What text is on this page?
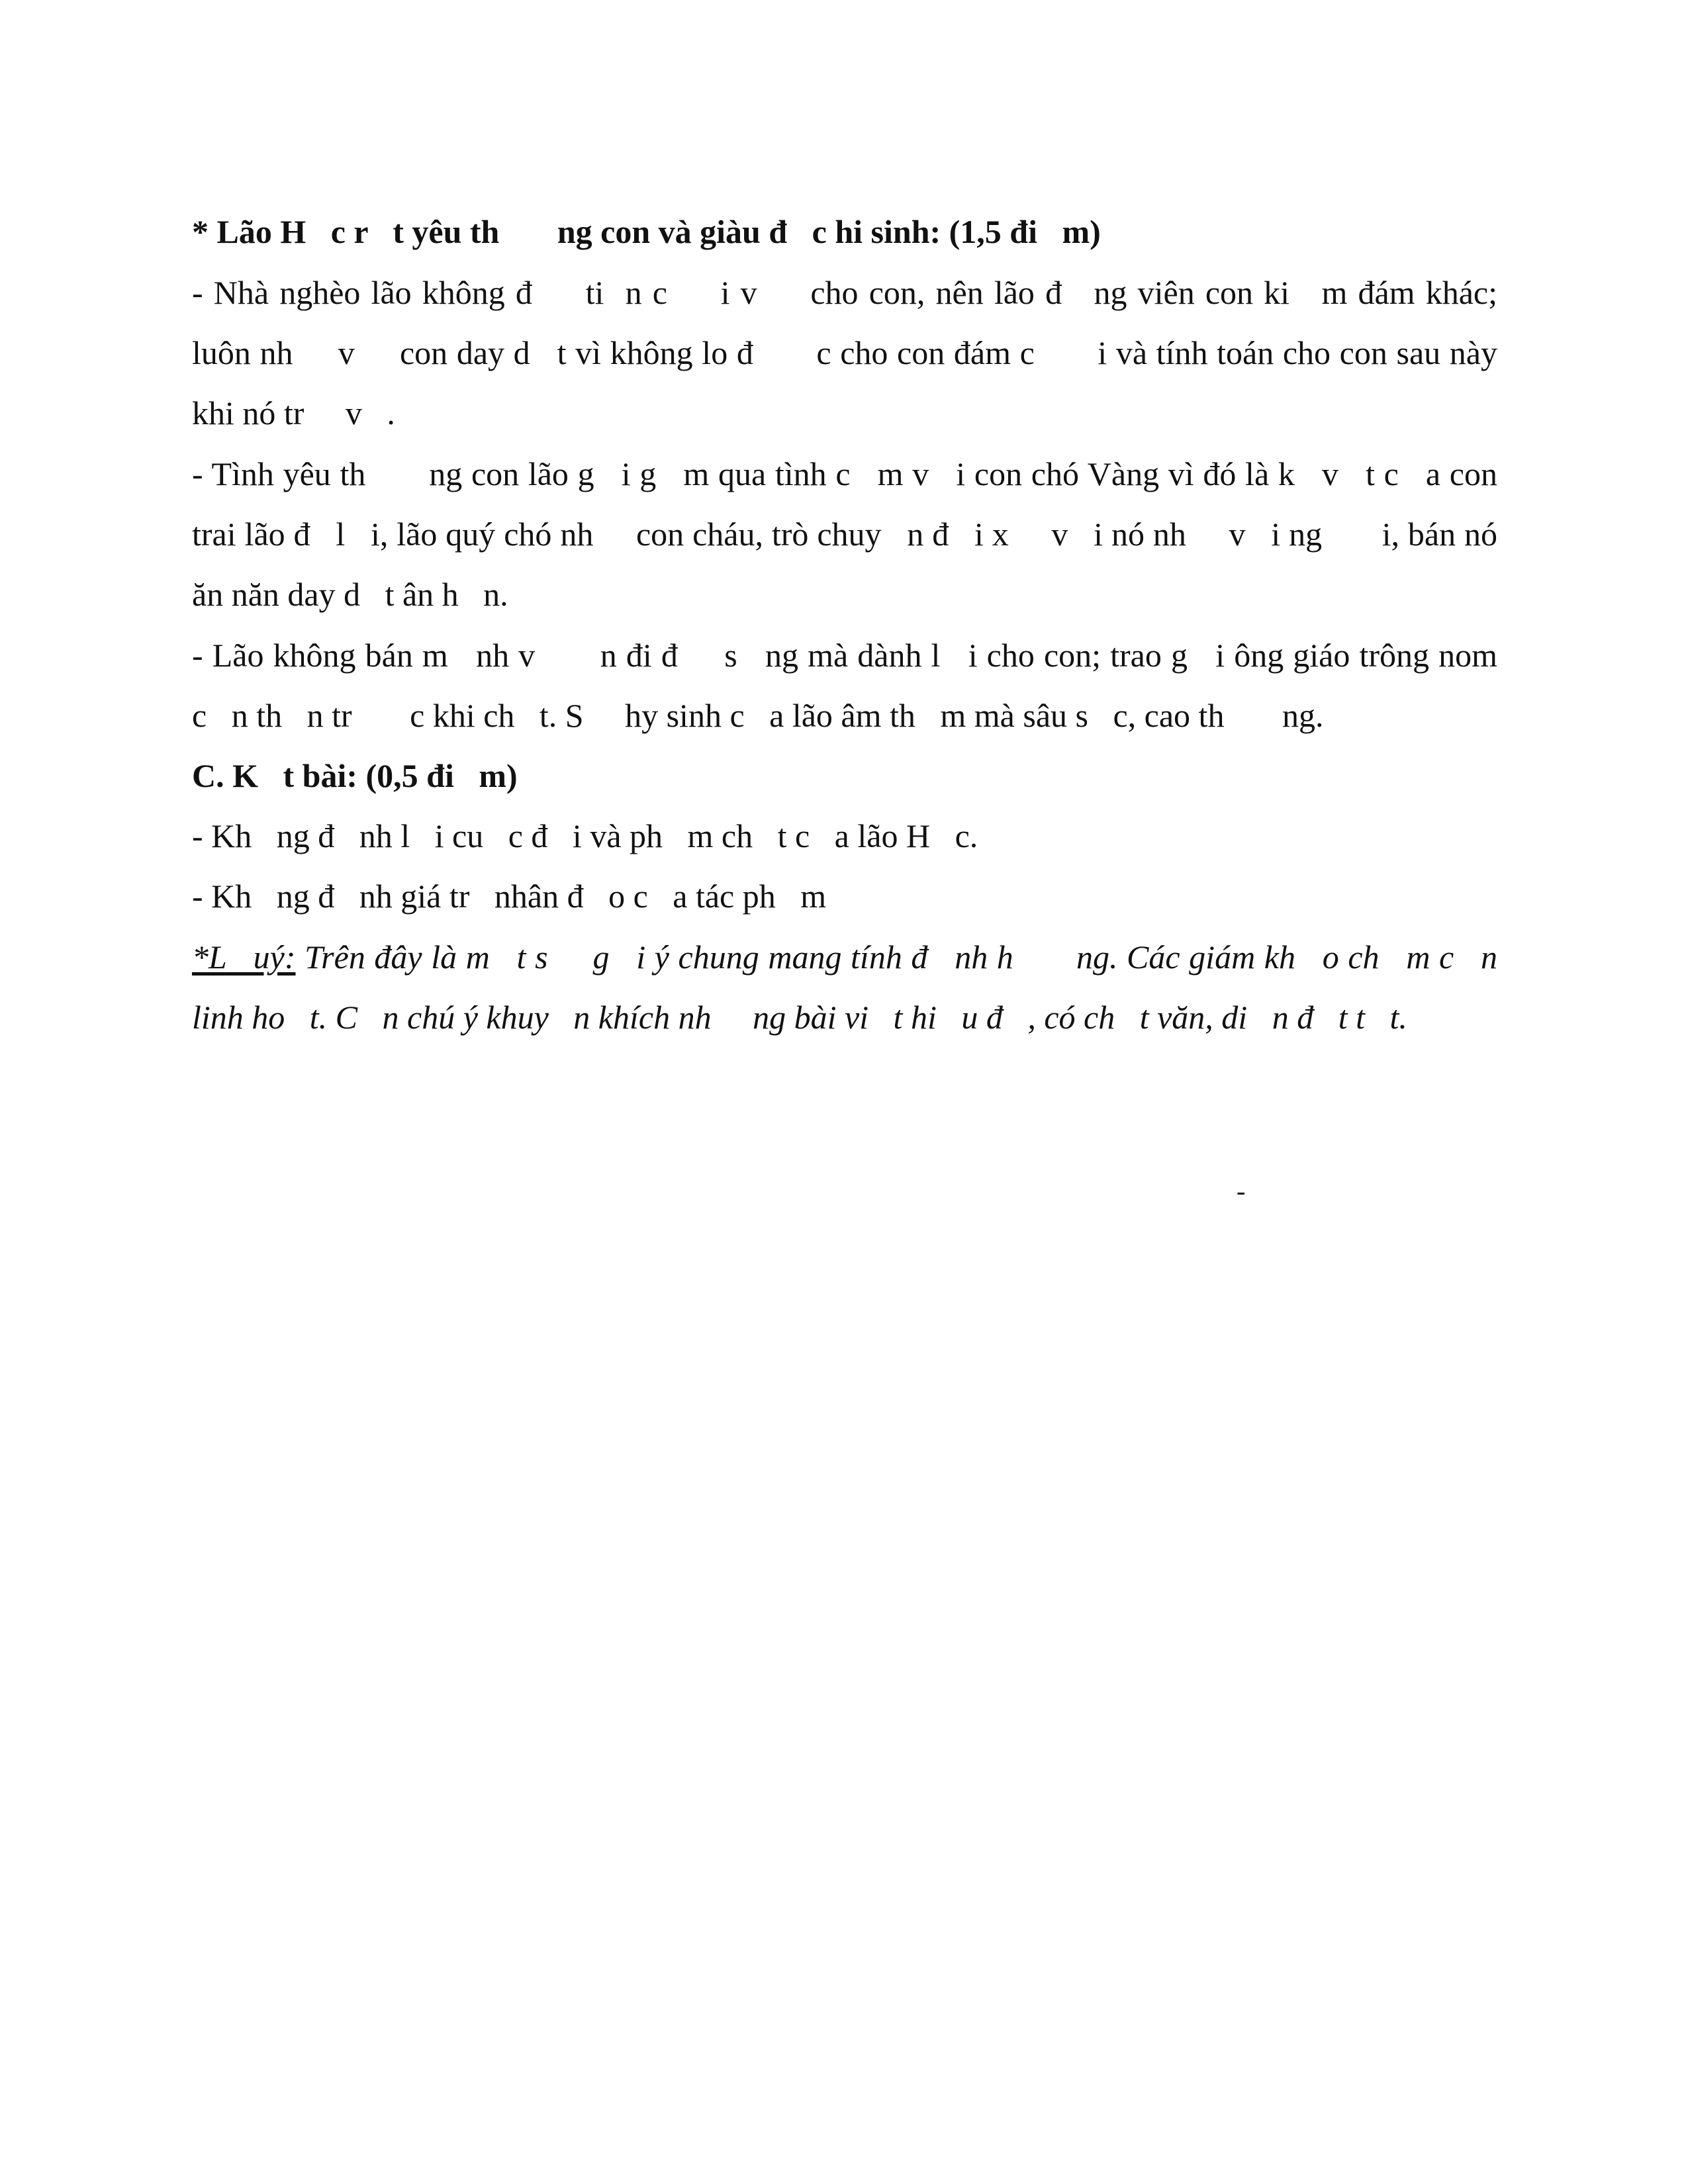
* Lão H   c r   t yêu th       ng con và giàu đ   c hi sinh: (1,5 đi   m)
- Nhà nghèo lão không đ     ti  n c     i v     cho con, nên lão đ   ng viên con ki   m đám khác;
luôn nh     v     con day d   t vì không lo đ       c cho con đám c       i và tính toán cho con sau này
khi nó tr     v   .
- Tình yêu th       ng con lão g   i g   m qua tình c   m v   i con chó Vàng vì đó là k   v   t c   a con
trai lão đ   l   i, lão quý chó nh     con cháu, trò chuy   n đ   i x     v   i nó nh     v   i ng       i, bán nó
ăn năn day d   t ân h   n.
- Lão không bán m   nh v       n đi đ     s   ng mà dành l   i cho con; trao g   i ông giáo trông nom
c   n th   n tr       c khi ch   t. S     hy sinh c   a lão âm th   m mà sâu s   c, cao th       ng.
C. K   t bài: (0,5 đi   m)
- Kh   ng đ   nh l   i cu   c đ   i và ph   m ch   t c   a lão H   c.
- Kh   ng đ   nh giá tr   nhân đ   o c   a tác ph   m
*L   uý: Trên đây là m   t s     g   i ý chung mang tính đ   nh h       ng. Các giám kh   o ch   m c   n
linh ho   t. C   n chú ý khuy   n khích nh     ng bài vi   t hi   u đ   , có ch   t văn, di   n đ   t t   t.
-
